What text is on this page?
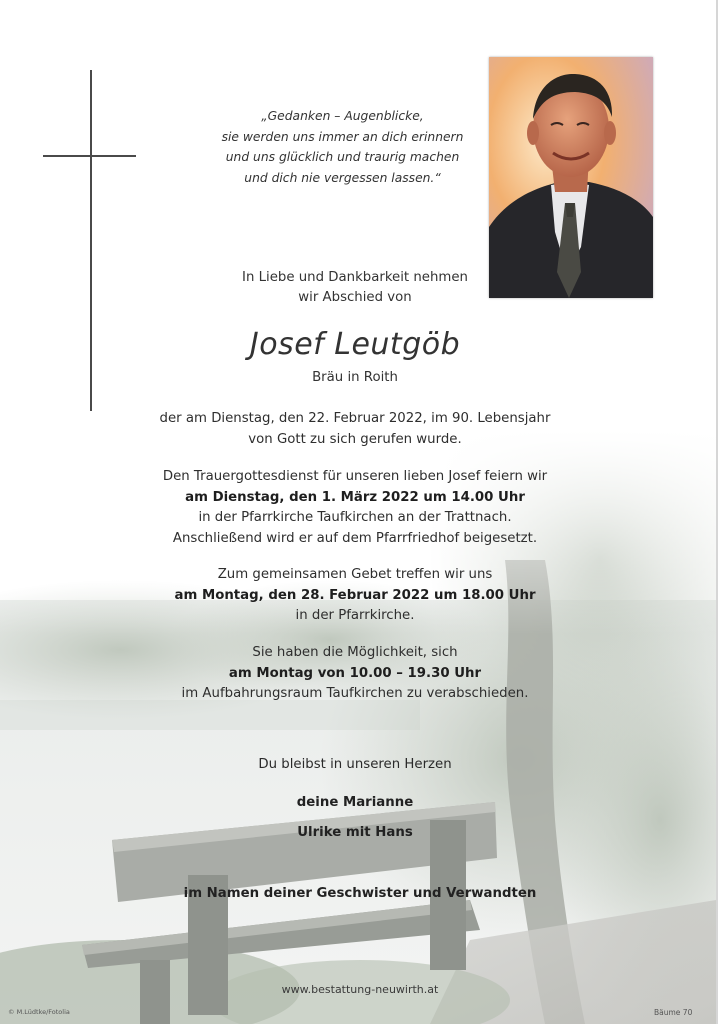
„Gedanken – Augenblicke,
sie werden uns immer an dich erinnern
und uns glücklich und traurig machen
und dich nie vergessen lassen.“
In Liebe und Dankbarkeit nehmen
wir Abschied von
Josef Leutgöb
Bräu in Roith
der am Dienstag, den 22. Februar 2022, im 90. Lebensjahr
von Gott zu sich gerufen wurde.
Den Trauergottesdienst für unseren lieben Josef feiern wir
am Dienstag, den 1. März 2022 um 14.00 Uhr
in der Pfarrkirche Taufkirchen an der Trattnach.
Anschließend wird er auf dem Pfarrfriedhof beigesetzt.
Zum gemeinsamen Gebet treffen wir uns
am Montag, den 28. Februar 2022 um 18.00 Uhr
in der Pfarrkirche.
Sie haben die Möglichkeit, sich
am Montag von 10.00 – 19.30 Uhr
im Aufbahrungsraum Taufkirchen zu verabschieden.
Du bleibst in unseren Herzen
deine Marianne
Ulrike mit Hans
im Namen deiner Geschwister und Verwandten
www.bestattung-neuwirth.at
© M.Lüdtke/Fotolia	Bäume 70
